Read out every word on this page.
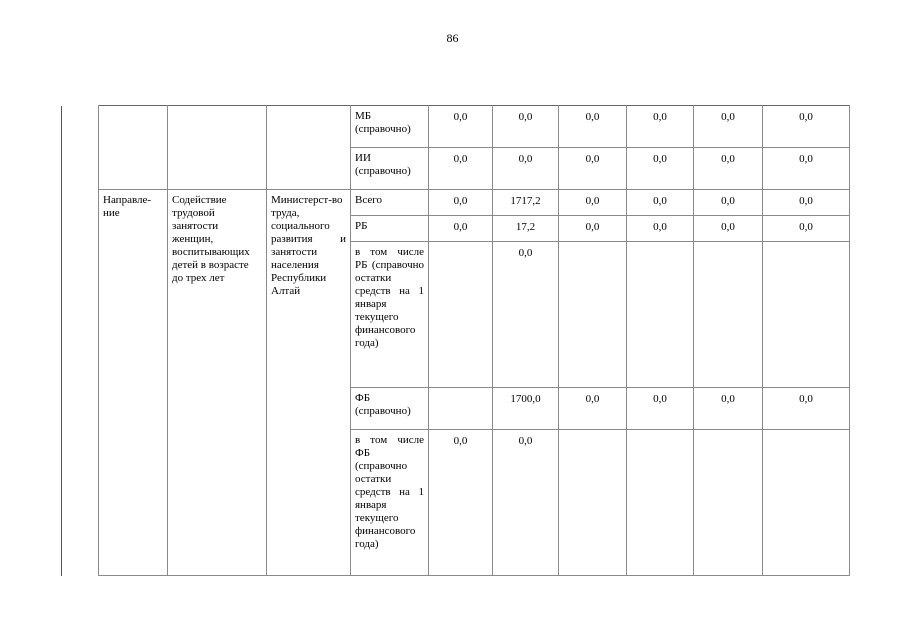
86
				МБ (справочно)	0,0	0,0	0,0	0,0	0,0	0,0
				ИИ (справочно)	0,0	0,0	0,0	0,0	0,0	0,0
	Направле-ние	Содействие трудовой занятости женщин, воспитывающих детей в возрасте до трех лет	Министерст-во труда, социального развития и занятости населения Республики Алтай	Всего	0,0	1717,2	0,0	0,0	0,0	0,0
				РБ	0,0	17,2	0,0	0,0	0,0	0,0
				в том числе РБ (справочно остатки средств на 1 января текущего финансового года)		0,0				
				ФБ (справочно)		1700,0	0,0	0,0	0,0	0,0
				в том числе ФБ (справочно остатки средств на 1 января текущего финансового года)	0,0	0,0				
